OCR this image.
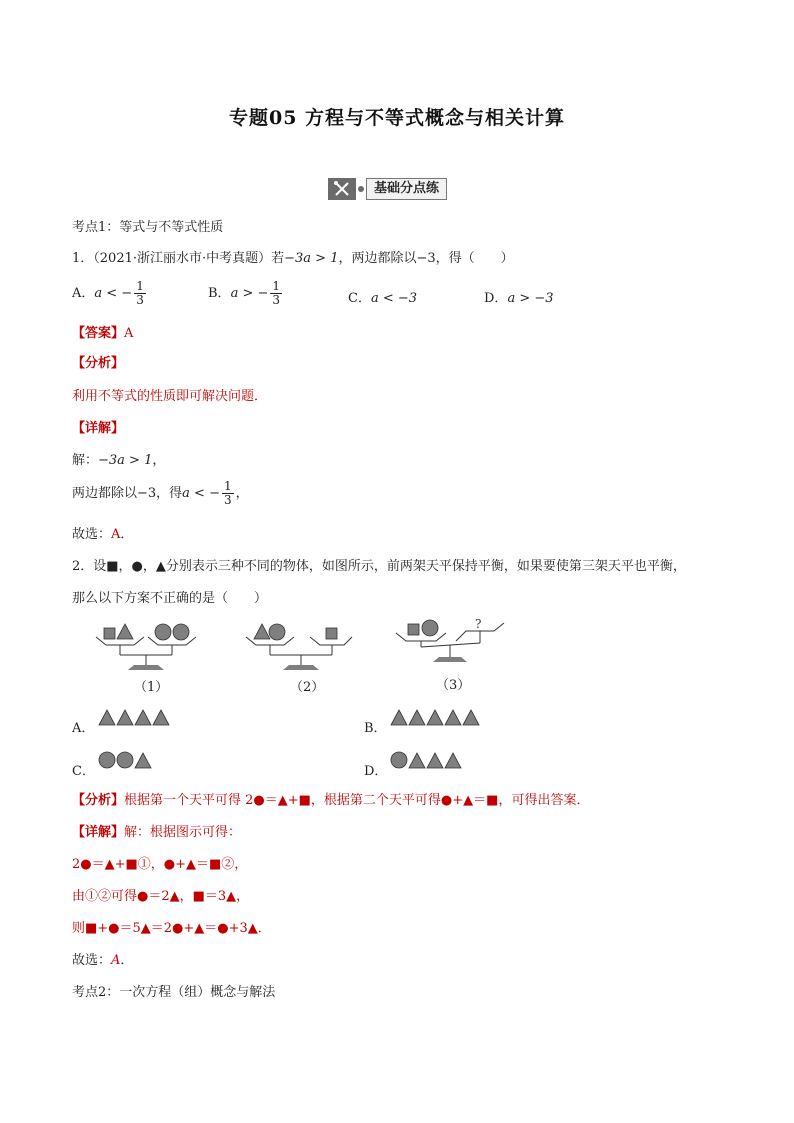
专题05 方程与不等式概念与相关计算
基础分点练
考点1：等式与不等式性质
1．（2021·浙江丽水市·中考真题）若−3a > 1，两边都除以−3，得（　　）
A．a < − $\frac{1}{3}$	B．a > − $\frac{1}{3}$	C．a < −3	D．a > −3
【答案】A
【分析】
利用不等式的性质即可解决问题．
【详解】
解：−3a > 1，
两边都除以−3，得a < − $\frac{1}{3}$ ，
故选：A．
2．设■，●，▲分别表示三种不同的物体，如图所示，前两架天平保持平衡，如果要使第三架天平也平衡，
那么以下方案不正确的是（　　）
?
（1）	（2）	（3）
A．	B．
C．	D．
【分析】根据第一个天平可得 2●＝▲+■，根据第二个天平可得●+▲＝■，可得出答案．
【详解】解：根据图示可得：
2●＝▲+■①，●+▲＝■②，
由①②可得●＝2▲，■＝3▲，
则■+●＝5▲＝2●+▲＝●+3▲．
故选：A．
考点2：一次方程（组）概念与解法
